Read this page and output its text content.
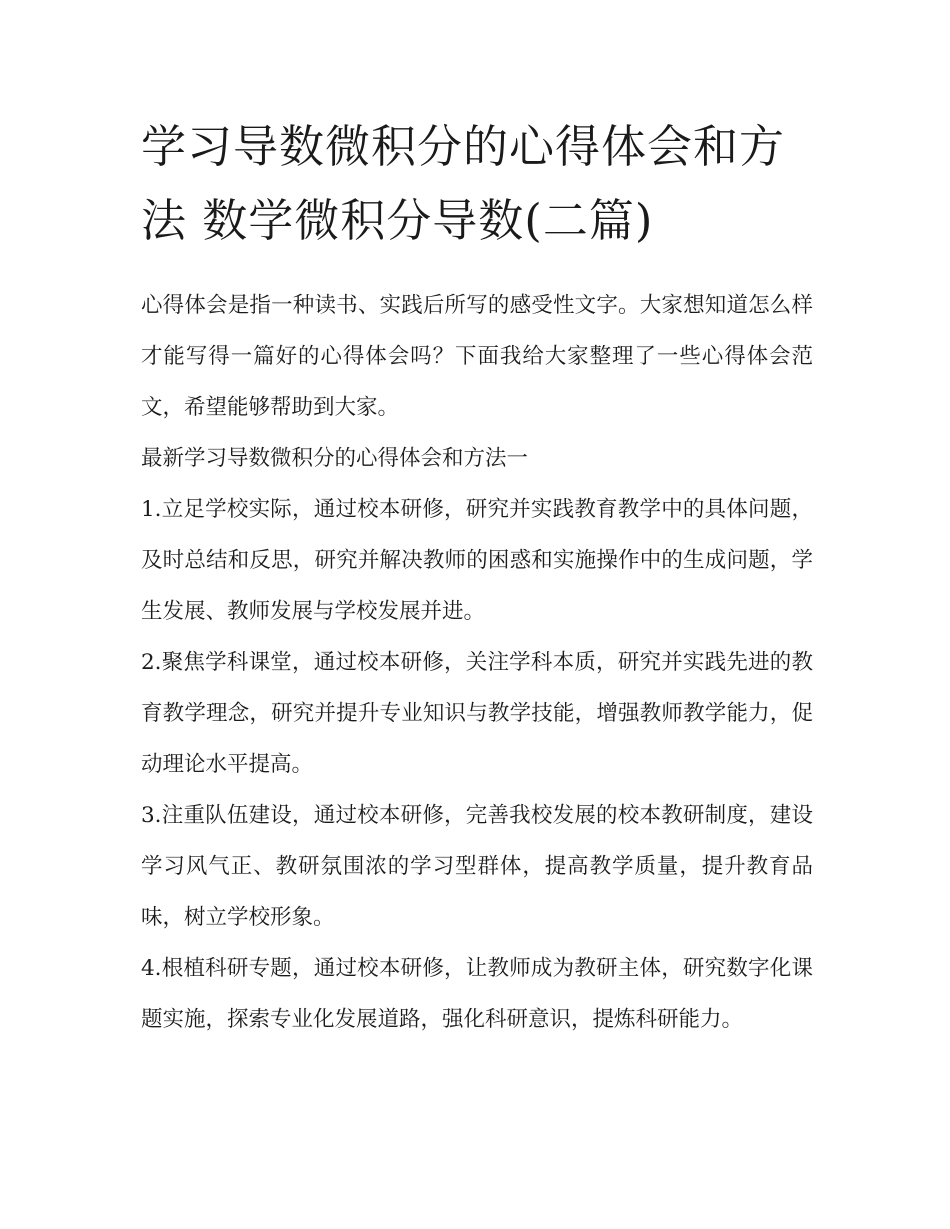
学习导数微积分的心得体会和方法 数学微积分导数(二篇)

心得体会是指一种读书、实践后所写的感受性文字。大家想知道怎么样才能写得一篇好的心得体会吗？下面我给大家整理了一些心得体会范文，希望能够帮助到大家。

最新学习导数微积分的心得体会和方法一

1.立足学校实际，通过校本研修，研究并实践教育教学中的具体问题，及时总结和反思，研究并解决教师的困惑和实施操作中的生成问题，学生发展、教师发展与学校发展并进。

2.聚焦学科课堂，通过校本研修，关注学科本质，研究并实践先进的教育教学理念，研究并提升专业知识与教学技能，增强教师教学能力，促动理论水平提高。

3.注重队伍建设，通过校本研修，完善我校发展的校本教研制度，建设学习风气正、教研氛围浓的学习型群体，提高教学质量，提升教育品味，树立学校形象。

4.根植科研专题，通过校本研修，让教师成为教研主体，研究数字化课题实施，探索专业化发展道路，强化科研意识，提炼科研能力。
